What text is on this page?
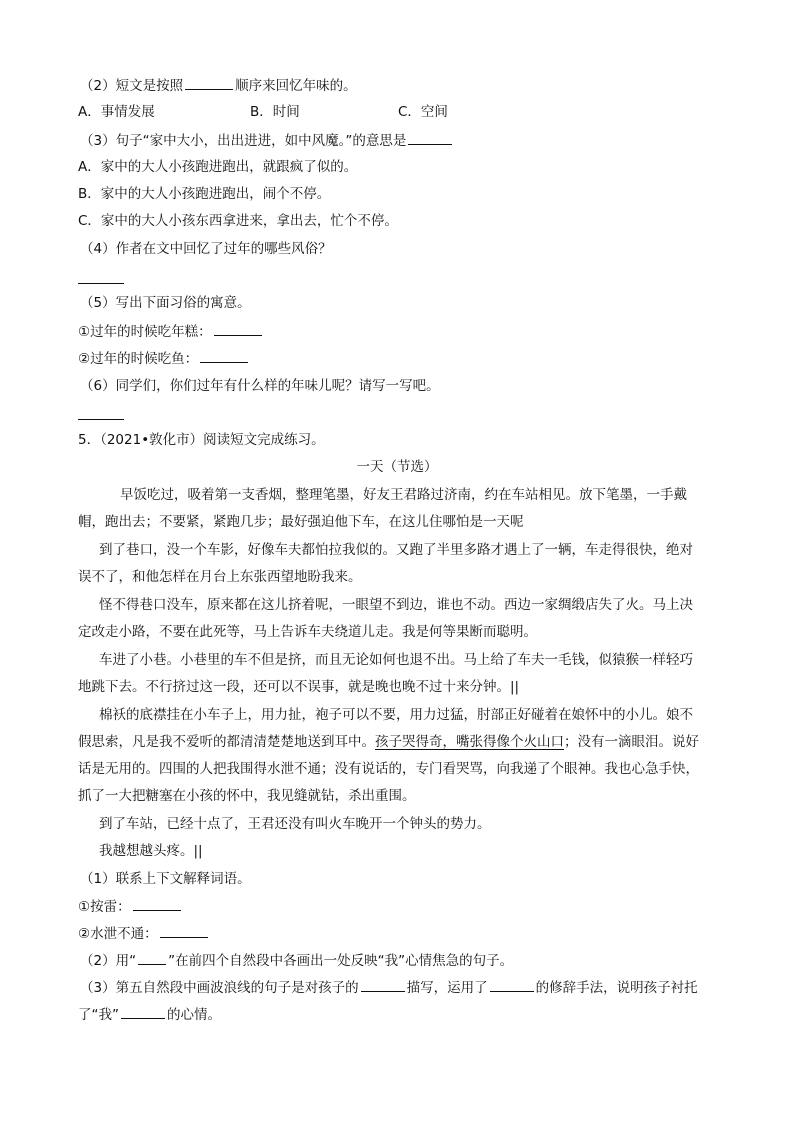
（2）短文是按照	顺序来回忆年味的。
A．事情发展	B．时间	C．空间
（3）句子“家中大小，出出进进，如中风魔。”的意思是
A．家中的大人小孩跑进跑出，就跟疯了似的。
B．家中的大人小孩跑进跑出，闹个不停。
C．家中的大人小孩东西拿进来，拿出去，忙个不停。
（4）作者在文中回忆了过年的哪些风俗？
（5）写出下面习俗的寓意。
①过年的时候吃年糕：
②过年的时候吃鱼：
（6）同学们，你们过年有什么样的年味儿呢？请写一写吧。
5．（2021•敦化市）阅读短文完成练习。
一天（节选）
早饭吃过，吸着第一支香烟，整理笔墨，好友王君路过济南，约在车站相见。放下笔墨，一手戴
帽，跑出去；不要紧，紧跑几步；最好强迫他下车，在这儿住哪怕是一天呢
到了巷口，没一个车影，好像车夫都怕拉我似的。又跑了半里多路才遇上了一辆，车走得很快，绝对
误不了，和他怎样在月台上东张西望地盼我来。
怪不得巷口没车，原来都在这儿挤着呢，一眼望不到边，谁也不动。西边一家绸缎店失了火。马上决
定改走小路，不要在此死等，马上告诉车夫绕道儿走。我是何等果断而聪明。
车进了小巷。小巷里的车不但是挤，而且无论如何也退不出。马上给了车夫一毛钱，似猿猴一样轻巧
地跳下去。不行挤过这一段，还可以不误事，就是晚也晚不过十来分钟。||
棉袄的底襟挂在小车子上，用力扯，袍子可以不要，用力过猛，肘部正好碰着在娘怀中的小儿。娘不
假思索，凡是我不爱听的都清清楚楚地送到耳中。孩子哭得奇，嘴张得像个火山口；没有一滴眼泪。说好
话是无用的。四围的人把我围得水泄不通；没有说话的，专门看哭骂，向我递了个眼神。我也心急手快，
抓了一大把糖塞在小孩的怀中，我见缝就钻，杀出重围。
到了车站，已经十点了，王君还没有叫火车晚开一个钟头的势力。
我越想越头疼。||
（1）联系上下文解释词语。
①按雷：
②水泄不通：
（2）用“ ”在前四个自然段中各画出一处反映“我”心情焦急的句子。
（3）第五自然段中画波浪线的句子是对孩子的	描写，运用了	的修辞手法，说明孩子衬托
了“我”	的心情。
